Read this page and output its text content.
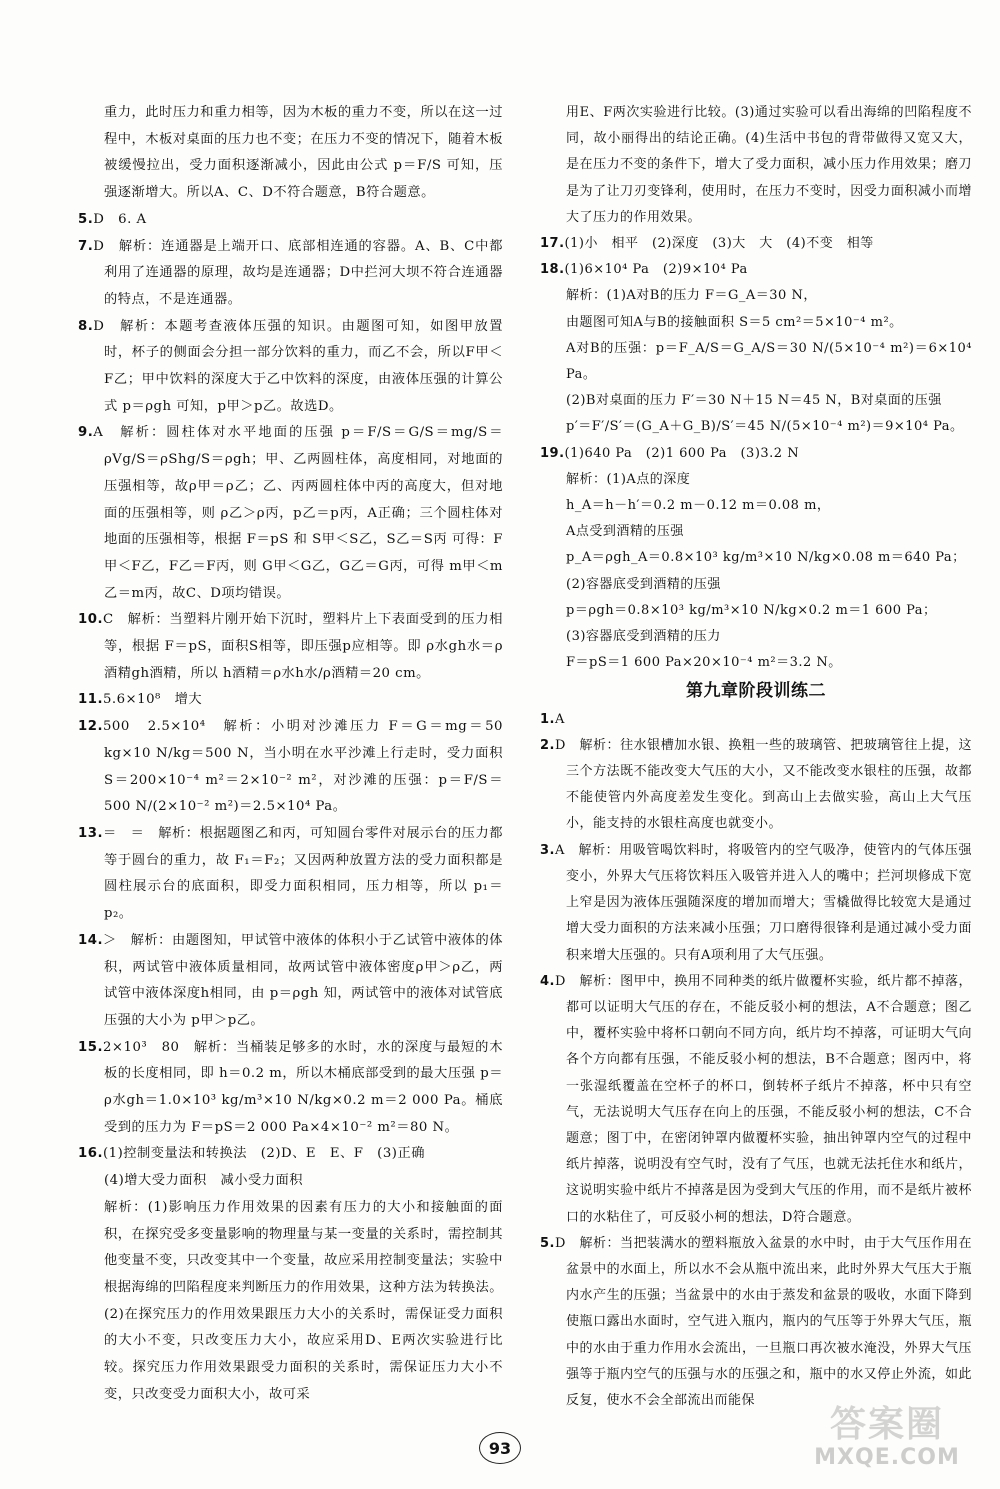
重力，此时压力和重力相等，因为木板的重力不变，所以在这一过程中，木板对桌面的压力也不变；在压力不变的情况下，随着木板被缓慢拉出，受力面积逐渐减小，因此由公式 p＝F/S 可知，压强逐渐增大。所以A、C、D不符合题意，B符合题意。

5.D　6. A

7.D　解析：连通器是上端开口、底部相连通的容器。A、B、C中都利用了连通器的原理，故均是连通器；D中拦河大坝不符合连通器的特点，不是连通器。

8.D　解析：本题考查液体压强的知识。由题图可知，如图甲放置时，杯子的侧面会分担一部分饮料的重力，而乙不会，所以F甲＜F乙；甲中饮料的深度大于乙中饮料的深度，由液体压强的计算公式 p＝ρgh 可知，p甲＞p乙。故选D。

9.A　解析：圆柱体对水平地面的压强 p＝F/S＝G/S＝mg/S＝ρVg/S＝ρShg/S＝ρgh；甲、乙两圆柱体，高度相同，对地面的压强相等，故ρ甲＝ρ乙；乙、丙两圆柱体中丙的高度大，但对地面的压强相等，则 ρ乙＞ρ丙，p乙＝p丙，A正确；三个圆柱体对地面的压强相等，根据 F＝pS 和 S甲＜S乙，S乙＝S丙 可得：F甲＜F乙，F乙＝F丙，则 G甲＜G乙，G乙＝G丙，可得 m甲＜m乙＝m丙，故C、D项均错误。

10.C　解析：当塑料片刚开始下沉时，塑料片上下表面受到的压力相等，根据 F＝pS，面积S相等，即压强p应相等。即 ρ水gh水＝ρ酒精gh酒精，所以 h酒精＝ρ水h水/ρ酒精＝20 cm。

11.5.6×10⁸　增大

12.500　2.5×10⁴　解析：小明对沙滩压力 F＝G＝mg＝50 kg×10 N/kg＝500 N，当小明在水平沙滩上行走时，受力面积 S＝200×10⁻⁴ m²＝2×10⁻² m²，对沙滩的压强：p＝F/S＝500 N/(2×10⁻² m²)＝2.5×10⁴ Pa。

13.＝　＝　解析：根据题图乙和丙，可知圆台零件对展示台的压力都等于圆台的重力，故 F₁＝F₂；又因两种放置方法的受力面积都是圆柱展示台的底面积，即受力面积相同，压力相等，所以 p₁＝p₂。

14.＞　解析：由题图知，甲试管中液体的体积小于乙试管中液体的体积，两试管中液体质量相同，故两试管中液体密度ρ甲＞ρ乙，两试管中液体深度h相同，由 p＝ρgh 知，两试管中的液体对试管底压强的大小为 p甲＞p乙。

15.2×10³　80　解析：当桶装足够多的水时，水的深度与最短的木板的长度相同，即 h＝0.2 m，所以木桶底部受到的最大压强 p＝ρ水gh＝1.0×10³ kg/m³×10 N/kg×0.2 m＝2 000 Pa。桶底受到的压力为 F＝pS＝2 000 Pa×4×10⁻² m²＝80 N。

16.(1)控制变量法和转换法　(2)D、E　E、F　(3)正确

(4)增大受力面积　减小受力面积

解析：(1)影响压力作用效果的因素有压力的大小和接触面的面积，在探究受多变量影响的物理量与某一变量的关系时，需控制其他变量不变，只改变其中一个变量，故应采用控制变量法；实验中根据海绵的凹陷程度来判断压力的作用效果，这种方法为转换法。(2)在探究压力的作用效果跟压力大小的关系时，需保证受力面积的大小不变，只改变压力大小，故应采用D、E两次实验进行比较。探究压力作用效果跟受力面积的关系时，需保证压力大小不变，只改变受力面积大小，故可采

用E、F两次实验进行比较。(3)通过实验可以看出海绵的凹陷程度不同，故小丽得出的结论正确。(4)生活中书包的背带做得又宽又大，是在压力不变的条件下，增大了受力面积，减小压力作用效果；磨刀是为了让刀刃变锋利，使用时，在压力不变时，因受力面积减小而增大了压力的作用效果。

17.(1)小　相平　(2)深度　(3)大　大　(4)不变　相等

18.(1)6×10⁴ Pa　(2)9×10⁴ Pa

解析：(1)A对B的压力 F＝G_A＝30 N，

由题图可知A与B的接触面积 S＝5 cm²＝5×10⁻⁴ m²。

A对B的压强：p＝F_A/S＝G_A/S＝30 N/(5×10⁻⁴ m²)＝6×10⁴ Pa。

(2)B对桌面的压力 F′＝30 N＋15 N＝45 N，B对桌面的压强

p′＝F′/S′＝(G_A＋G_B)/S′＝45 N/(5×10⁻⁴ m²)＝9×10⁴ Pa。

19.(1)640 Pa　(2)1 600 Pa　(3)3.2 N

解析：(1)A点的深度

h_A＝h－h′＝0.2 m－0.12 m＝0.08 m，

A点受到酒精的压强

p_A＝ρgh_A＝0.8×10³ kg/m³×10 N/kg×0.08 m＝640 Pa；

(2)容器底受到酒精的压强

p＝ρgh＝0.8×10³ kg/m³×10 N/kg×0.2 m＝1 600 Pa；

(3)容器底受到酒精的压力

F＝pS＝1 600 Pa×20×10⁻⁴ m²＝3.2 N。

第九章阶段训练二

1.A

2.D　解析：往水银槽加水银、换粗一些的玻璃管、把玻璃管往上提，这三个方法既不能改变大气压的大小，又不能改变水银柱的压强，故都不能使管内外高度差发生变化。到高山上去做实验，高山上大气压小，能支持的水银柱高度也就变小。

3.A　解析：用吸管喝饮料时，将吸管内的空气吸净，使管内的气体压强变小，外界大气压将饮料压入吸管并进入人的嘴中；拦河坝修成下宽上窄是因为液体压强随深度的增加而增大；雪橇做得比较宽大是通过增大受力面积的方法来减小压强；刀口磨得很锋利是通过减小受力面积来增大压强的。只有A项利用了大气压强。

4.D　解析：图甲中，换用不同种类的纸片做覆杯实验，纸片都不掉落，都可以证明大气压的存在，不能反驳小柯的想法，A不合题意；图乙中，覆杯实验中将杯口朝向不同方向，纸片均不掉落，可证明大气向各个方向都有压强，不能反驳小柯的想法，B不合题意；图丙中，将一张湿纸覆盖在空杯子的杯口，倒转杯子纸片不掉落，杯中只有空气，无法说明大气压存在向上的压强，不能反驳小柯的想法，C不合题意；图丁中，在密闭钟罩内做覆杯实验，抽出钟罩内空气的过程中纸片掉落，说明没有空气时，没有了气压，也就无法托住水和纸片，这说明实验中纸片不掉落是因为受到大气压的作用，而不是纸片被杯口的水粘住了，可反驳小柯的想法，D符合题意。

5.D　解析：当把装满水的塑料瓶放入盆景的水中时，由于大气压作用在盆景中的水面上，所以水不会从瓶中流出来，此时外界大气压大于瓶内水产生的压强；当盆景中的水由于蒸发和盆景的吸收，水面下降到使瓶口露出水面时，空气进入瓶内，瓶内的气压等于外界大气压，瓶中的水由于重力作用水会流出，一旦瓶口再次被水淹没，外界大气压强等于瓶内空气的压强与水的压强之和，瓶中的水又停止外流，如此反复，使水不会全部流出而能保

93
答案圈
MXQE.COM
